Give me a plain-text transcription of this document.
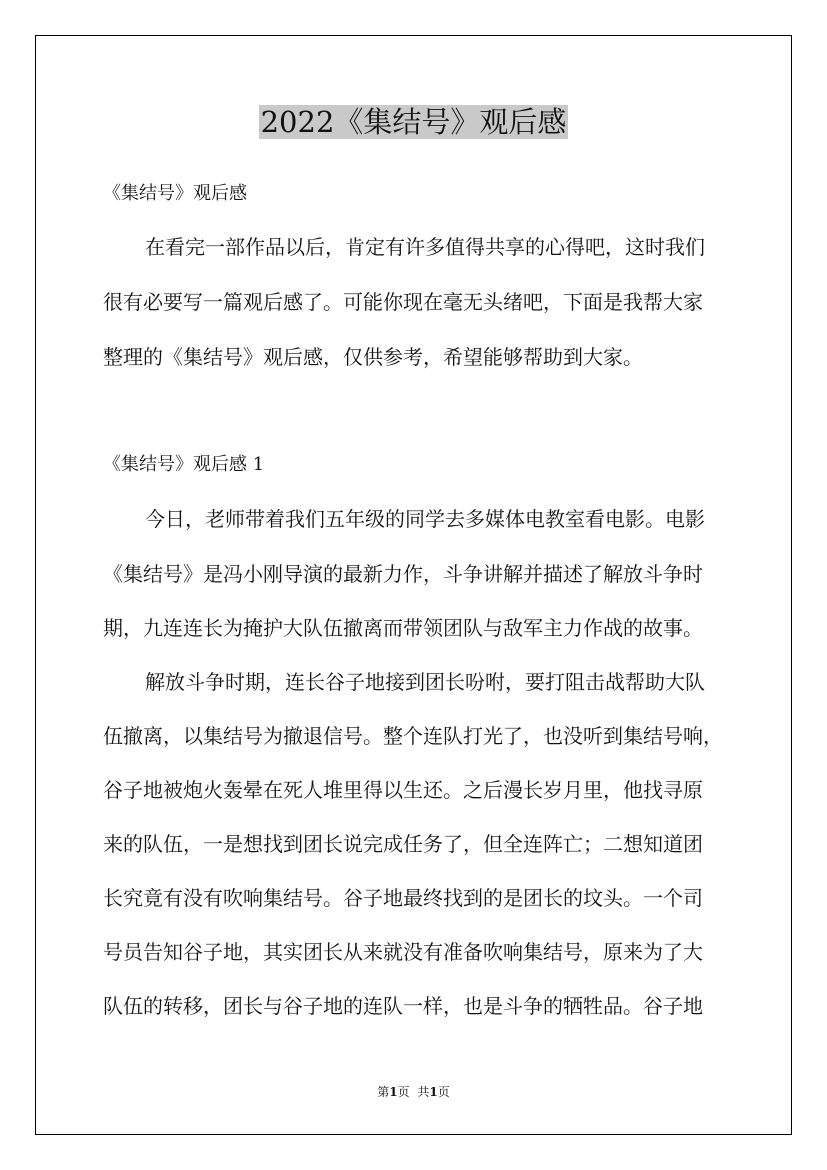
2022《集结号》观后感
《集结号》观后感
在看完一部作品以后，肯定有许多值得共享的心得吧，这时我们
很有必要写一篇观后感了。可能你现在毫无头绪吧，下面是我帮大家
整理的《集结号》观后感，仅供参考，希望能够帮助到大家。
《集结号》观后感 1
今日，老师带着我们五年级的同学去多媒体电教室看电影。电影
《集结号》是冯小刚导演的最新力作，斗争讲解并描述了解放斗争时
期，九连连长为掩护大队伍撤离而带领团队与敌军主力作战的故事。
解放斗争时期，连长谷子地接到团长吩咐，要打阻击战帮助大队
伍撤离，以集结号为撤退信号。整个连队打光了，也没听到集结号响，
谷子地被炮火轰晕在死人堆里得以生还。之后漫长岁月里，他找寻原
来的队伍，一是想找到团长说完成任务了，但全连阵亡；二想知道团
长究竟有没有吹响集结号。谷子地最终找到的是团长的坟头。一个司
号员告知谷子地，其实团长从来就没有准备吹响集结号，原来为了大
队伍的转移，团长与谷子地的连队一样，也是斗争的牺牲品。谷子地
第1页 共1页
